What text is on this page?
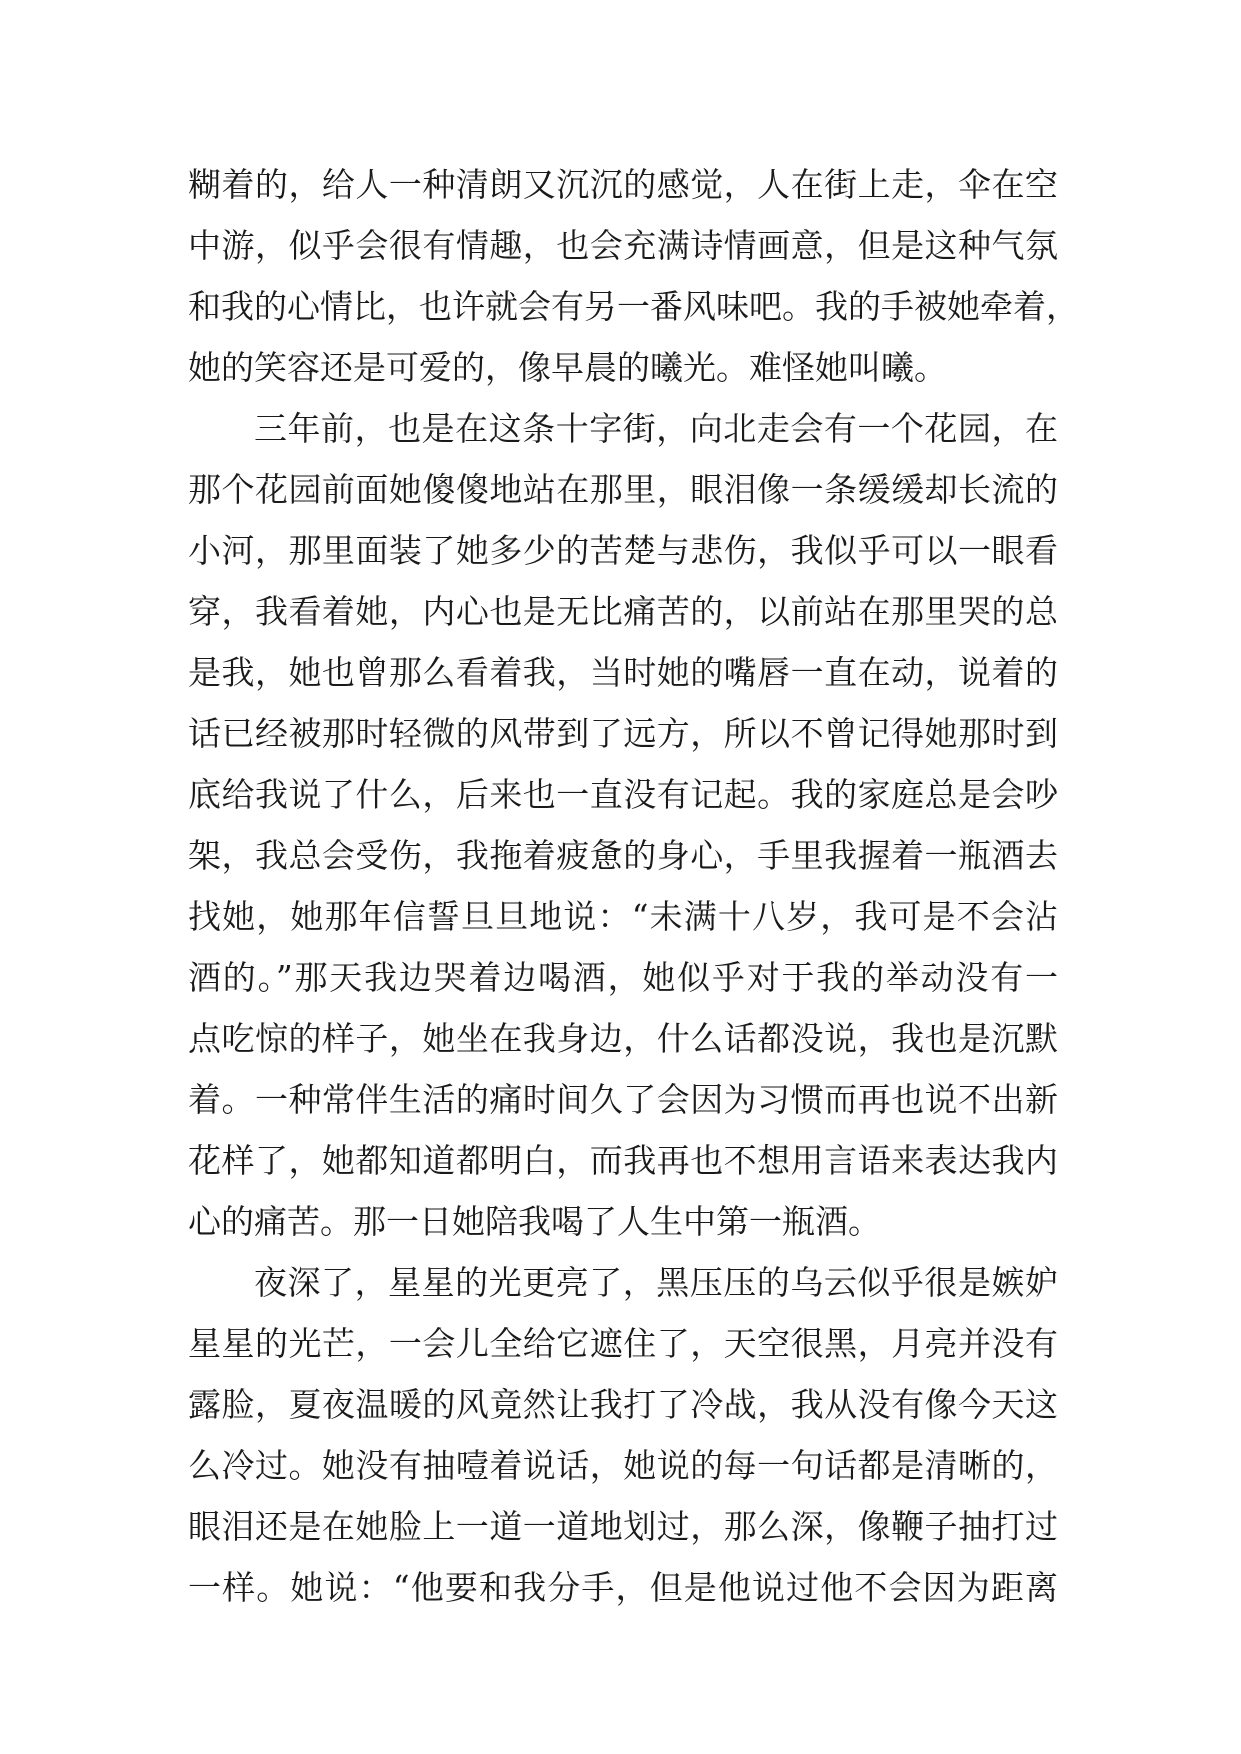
糊着的，给人一种清朗又沉沉的感觉，人在街上走，伞在空
中游，似乎会很有情趣，也会充满诗情画意，但是这种气氛
和我的心情比，也许就会有另一番风味吧。我的手被她牵着，
她的笑容还是可爱的，像早晨的曦光。难怪她叫曦。
三年前，也是在这条十字街，向北走会有一个花园，在
那个花园前面她傻傻地站在那里，眼泪像一条缓缓却长流的
小河，那里面装了她多少的苦楚与悲伤，我似乎可以一眼看
穿，我看着她，内心也是无比痛苦的，以前站在那里哭的总
是我，她也曾那么看着我，当时她的嘴唇一直在动，说着的
话已经被那时轻微的风带到了远方，所以不曾记得她那时到
底给我说了什么，后来也一直没有记起。我的家庭总是会吵
架，我总会受伤，我拖着疲惫的身心，手里我握着一瓶酒去
找她，她那年信誓旦旦地说：“未满十八岁，我可是不会沾
酒的。”那天我边哭着边喝酒，她似乎对于我的举动没有一
点吃惊的样子，她坐在我身边，什么话都没说，我也是沉默
着。一种常伴生活的痛时间久了会因为习惯而再也说不出新
花样了，她都知道都明白，而我再也不想用言语来表达我内
心的痛苦。那一日她陪我喝了人生中第一瓶酒。
夜深了，星星的光更亮了，黑压压的乌云似乎很是嫉妒
星星的光芒，一会儿全给它遮住了，天空很黑，月亮并没有
露脸，夏夜温暖的风竟然让我打了冷战，我从没有像今天这
么冷过。她没有抽噎着说话，她说的每一句话都是清晰的，
眼泪还是在她脸上一道一道地划过，那么深，像鞭子抽打过
一样。她说：“他要和我分手，但是他说过他不会因为距离
